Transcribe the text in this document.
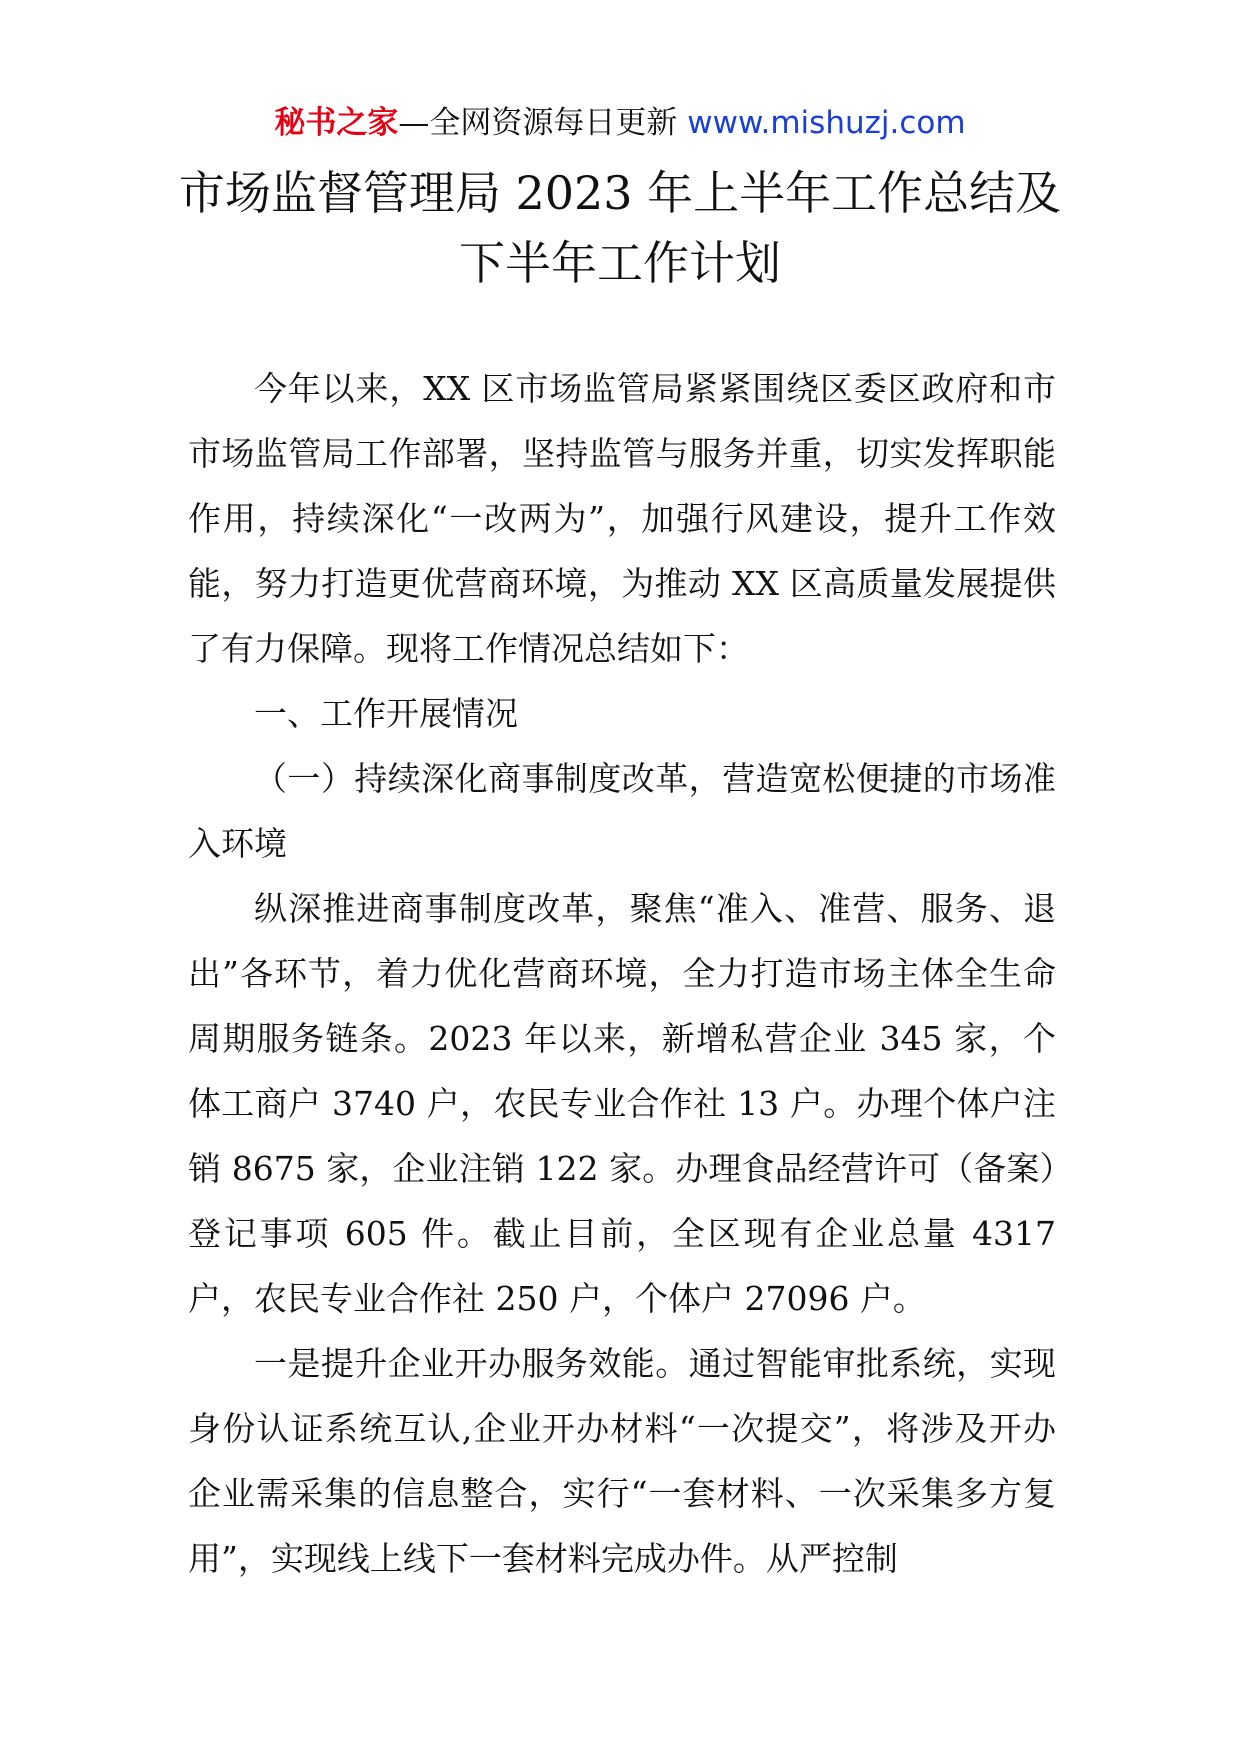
秘书之家—全网资源每日更新 www.mishuzj.com
市场监督管理局 2023 年上半年工作总结及
下半年工作计划

今年以来，XX 区市场监管局紧紧围绕区委区政府和市市场监管局工作部署，坚持监管与服务并重，切实发挥职能作用，持续深化“一改两为”，加强行风建设，提升工作效能，努力打造更优营商环境，为推动 XX 区高质量发展提供了有力保障。现将工作情况总结如下：

一、工作开展情况

（一）持续深化商事制度改革，营造宽松便捷的市场准入环境

纵深推进商事制度改革，聚焦“准入、准营、服务、退出”各环节，着力优化营商环境，全力打造市场主体全生命周期服务链条。2023 年以来，新增私营企业 345 家，个体工商户 3740 户，农民专业合作社 13 户。办理个体户注销 8675 家，企业注销 122 家。办理食品经营许可（备案）登记事项 605 件。截止目前，全区现有企业总量 4317 户，农民专业合作社 250 户，个体户 27096 户。

一是提升企业开办服务效能。通过智能审批系统，实现身份认证系统互认,企业开办材料“一次提交”，将涉及开办企业需采集的信息整合，实行“一套材料、一次采集多方复用”，实现线上线下一套材料完成办件。从严控制
